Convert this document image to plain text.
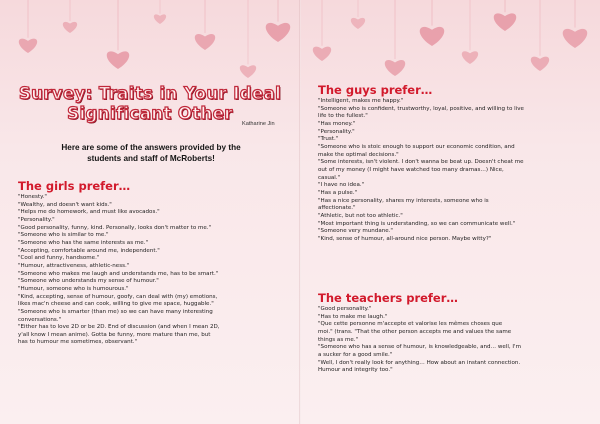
Survey: Traits in Your Ideal
Significant Other
Katharine Jin

Here are some of the answers provided by the
students and staff of McRoberts!

The girls prefer…
"Honesty."
"Wealthy, and doesn't want kids."
"Helps me do homework, and must like avocados."
"Personality."
"Good personality, funny, kind. Personally, looks don't matter to me."
"Someone who is similar to me."
"Someone who has the same interests as me."
"Accepting, comfortable around me, independent."
"Cool and funny, handsome."
"Humour, attractiveness, athletic-ness."
"Someone who makes me laugh and understands me, has to be smart."
"Someone who understands my sense of humour."
"Humour, someone who is humourous."
"Kind, accepting, sense of humour, goofy, can deal with (my) emotions,
likes mac'n cheese and can cook, willing to give me space, huggable."
"Someone who is smarter (than me) so we can have many interesting
conversations."
"Either has to love 2D or be 2D. End of discussion (and when I mean 2D,
y'all know I mean anime). Gotta be funny, more mature than me, but
has to humour me sometimes, observant."
The guys prefer…
"Intelligent, makes me happy."
"Someone who is confident, trustworthy, loyal, positive, and willing to live
life to the fullest."
"Has money."
"Personality."
"Trust."
"Someone who is stoic enough to support our economic condition, and
make the optimal decisions."
"Some interests, isn't violent. I don't wanna be beat up. Doesn't cheat me
out of my money (I might have watched too many dramas…) Nice,
casual."
"I have no idea."
"Has a pulse."
"Has a nice personality, shares my interests, someone who is
affectionate."
"Athletic, but not too athletic."
"Most important thing is understanding, so we can communicate well."
"Someone very mundane."
"Kind, sense of humour, all-around nice person. Maybe witty?"
The teachers prefer…
"Good personality."
"Has to make me laugh."
"Que cette personne m'accepte et valorise les mêmes choses que
moi." (trans. "That the other person accepts me and values the same
things as me."
"Someone who has a sense of humour, is knowledgeable, and… well, I'm
a sucker for a good smile."
"Well, I don't really look for anything… How about an instant connection.
Humour and integrity too."
